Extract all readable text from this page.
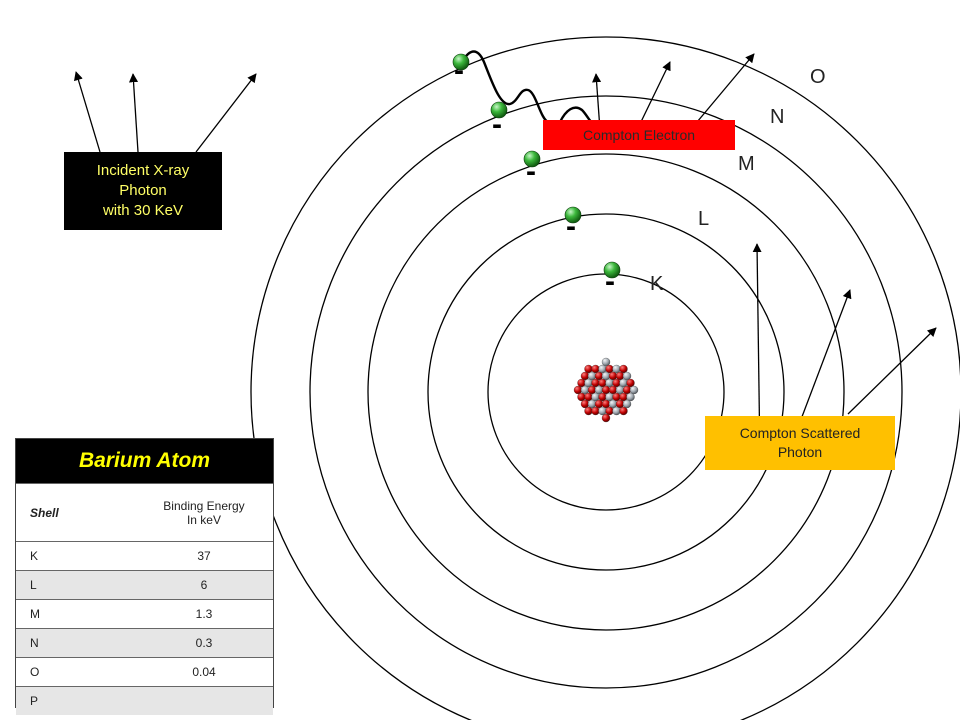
-
-
-
-
- K
L
M
N
O
Incident X-ray
Photon
with 30 KeV
Compton Electron
Compton Scattered
Photon
Barium Atom
Shell	Binding Energy
In keV
K	37
L	6
M	1.3
N	0.3
O	0.04
P
